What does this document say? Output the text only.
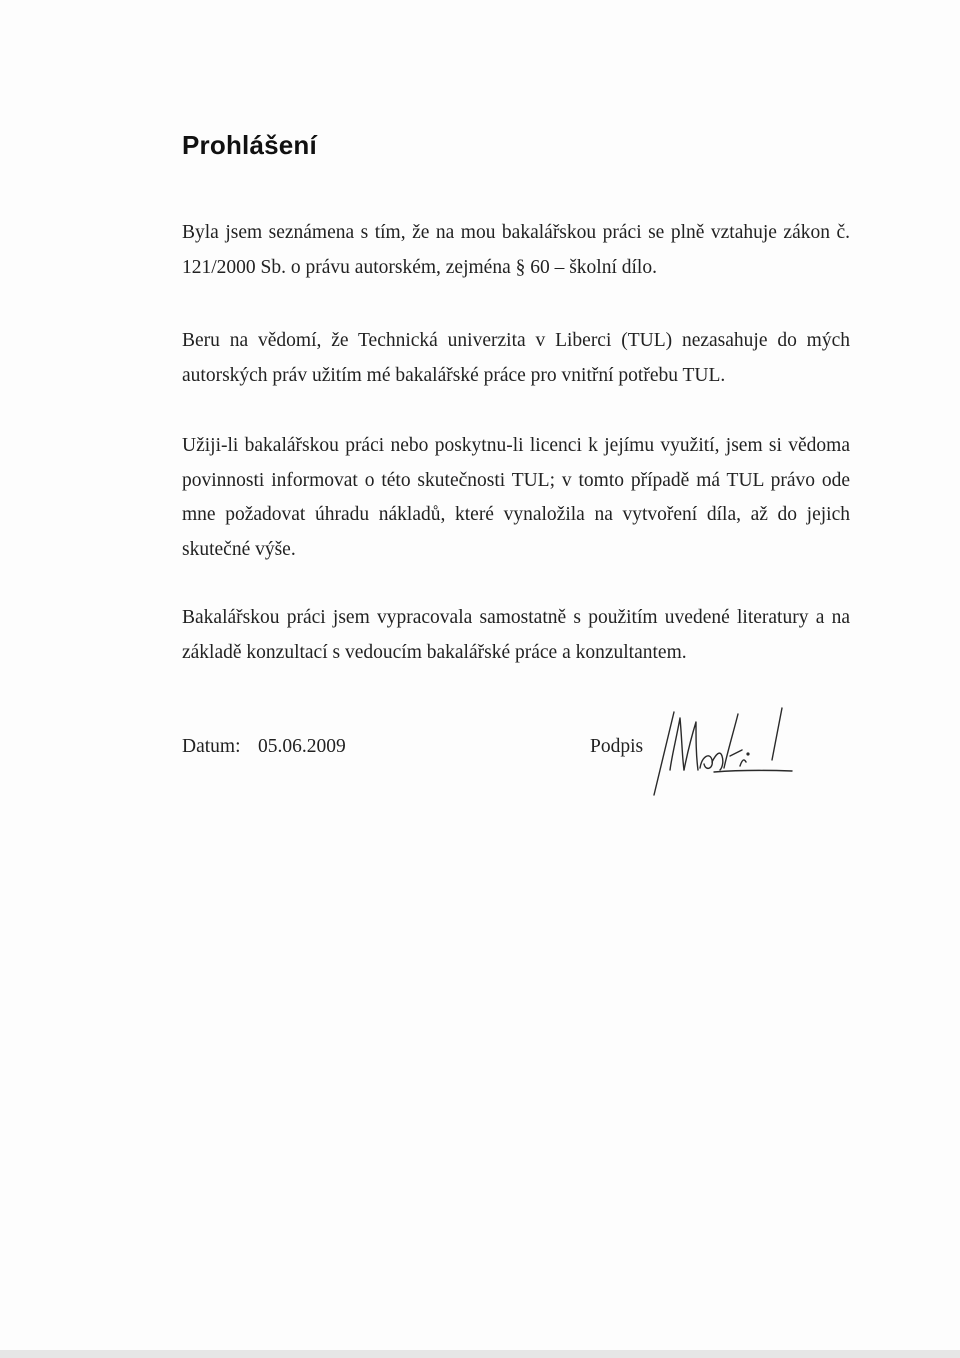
Prohlášení

Byla jsem seznámena s tím, že na mou bakalářskou práci se plně vztahuje zákon č. 121/2000 Sb. o právu autorském, zejména § 60 – školní dílo.

Beru na vědomí, že Technická univerzita v Liberci (TUL) nezasahuje do mých autorských práv užitím mé bakalářské práce pro vnitřní potřebu TUL.

Užiji-li bakalářskou práci nebo poskytnu-li licenci k jejímu využití, jsem si vědoma povinnosti informovat o této skutečnosti TUL; v tomto případě má TUL právo ode mne požadovat úhradu nákladů, které vynaložila na vytvoření díla, až do jejich skutečné výše.

Bakalářskou práci jsem vypracovala samostatně s použitím uvedené literatury a na základě konzultací s vedoucím bakalářské práce a konzultantem.

Datum: 05.06.2009	Podpis
